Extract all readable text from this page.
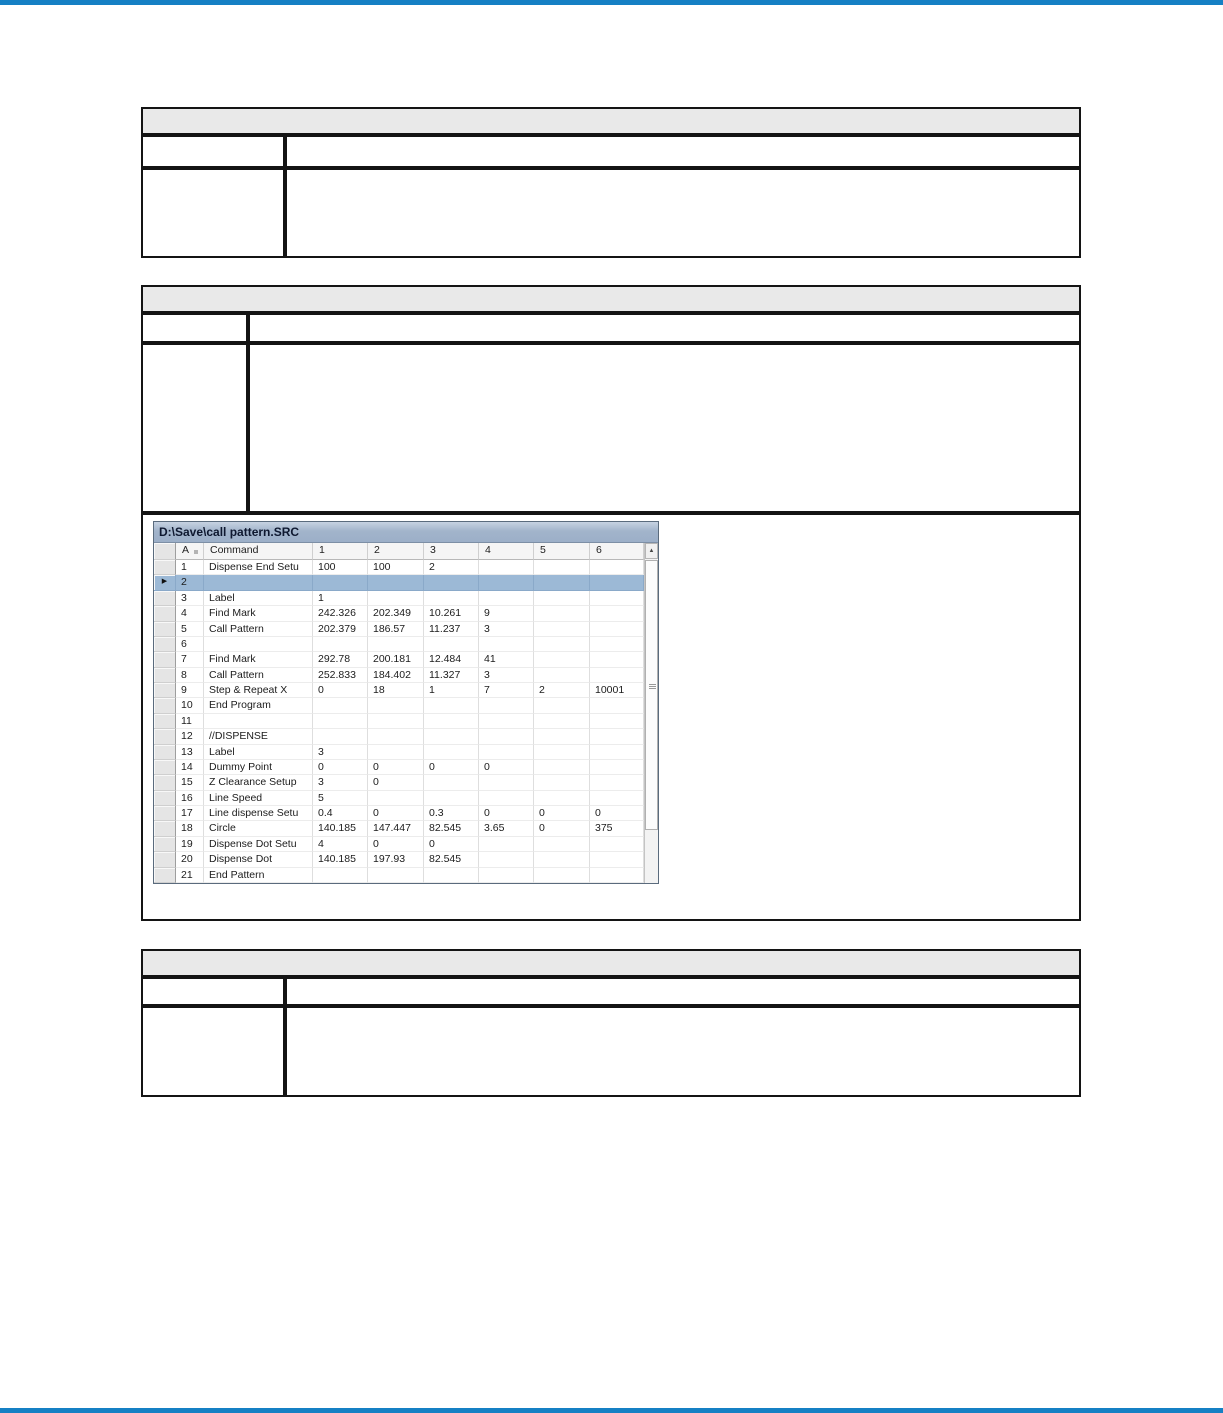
D:\Save\call pattern.SRC
A	Command	1	2	3	4	5	6
1	Dispense End Setu	100	100	2
▶	2
3	Label	1
4	Find Mark	242.326	202.349	10.261	9
5	Call Pattern	202.379	186.57	11.237	3
6
7	Find Mark	292.78	200.181	12.484	41
8	Call Pattern	252.833	184.402	11.327	3
9	Step & Repeat X	0	18	1	7	2	10001
10	End Program
11
12	//DISPENSE
13	Label	3
14	Dummy Point	0	0	0	0
15	Z Clearance Setup	3	0
16	Line Speed	5
17	Line dispense Setu	0.4	0	0.3	0	0	0
18	Circle	140.185	147.447	82.545	3.65	0	375
19	Dispense Dot Setu	4	0	0
20	Dispense Dot	140.185	197.93	82.545
21	End Pattern
▲
